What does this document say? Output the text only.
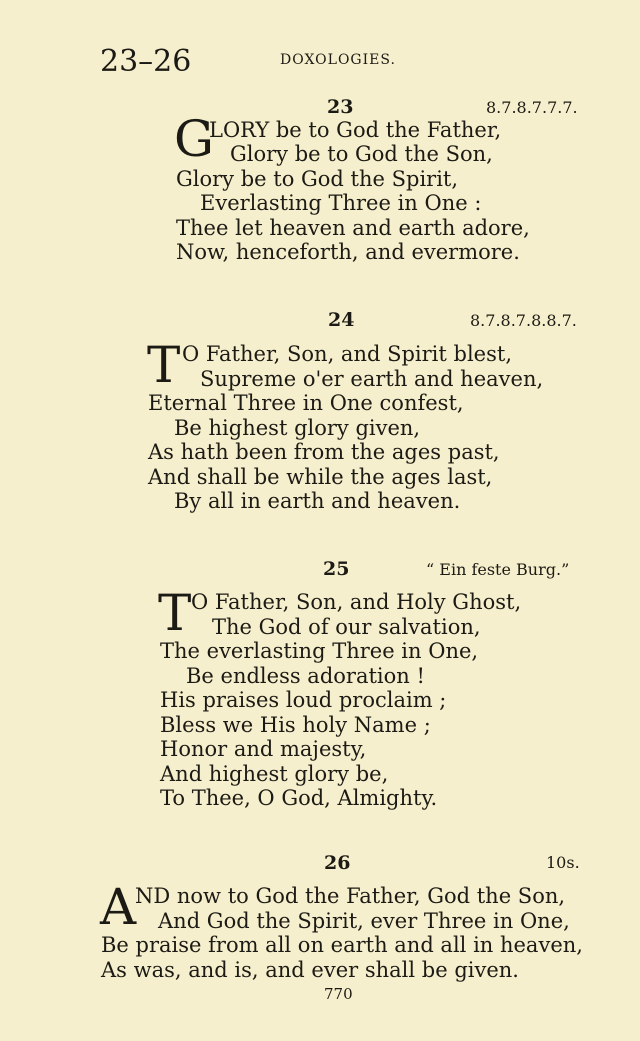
23–26	DOXOLOGIES.
23	8.7.8.7.7.7.
G
LORY be to God the Father,
Glory be to God the Son,
Glory be to God the Spirit,
Everlasting Three in One :
Thee let heaven and earth adore,
Now, henceforth, and evermore.
24	8.7.8.7.8.8.7.
T O Father, Son, and Spirit blest,
Supreme o'er earth and heaven,
Eternal Three in One confest,
Be highest glory given,
As hath been from the ages past,
And shall be while the ages last,
By all in earth and heaven.
25	“ Ein feste Burg.”
T O Father, Son, and Holy Ghost,
The God of our salvation,
The everlasting Three in One,
Be endless adoration !
His praises loud proclaim ;
Bless we His holy Name ;
Honor and majesty,
And highest glory be,
To Thee, O God, Almighty.
26	10s.
A
ND now to God the Father, God the Son,
And God the Spirit, ever Three in One,
Be praise from all on earth and all in heaven,
As was, and is, and ever shall be given.
770
